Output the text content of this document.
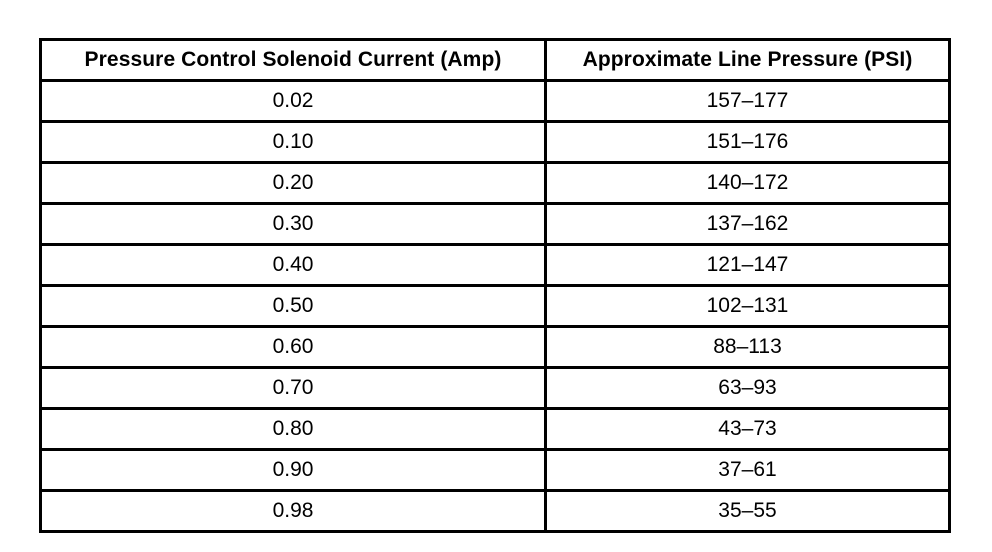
Pressure Control Solenoid Current (Amp)	Approximate Line Pressure (PSI)
0.02	157–177
0.10	151–176
0.20	140–172
0.30	137–162
0.40	121–147
0.50	102–131
0.60	88–113
0.70	63–93
0.80	43–73
0.90	37–61
0.98	35–55
